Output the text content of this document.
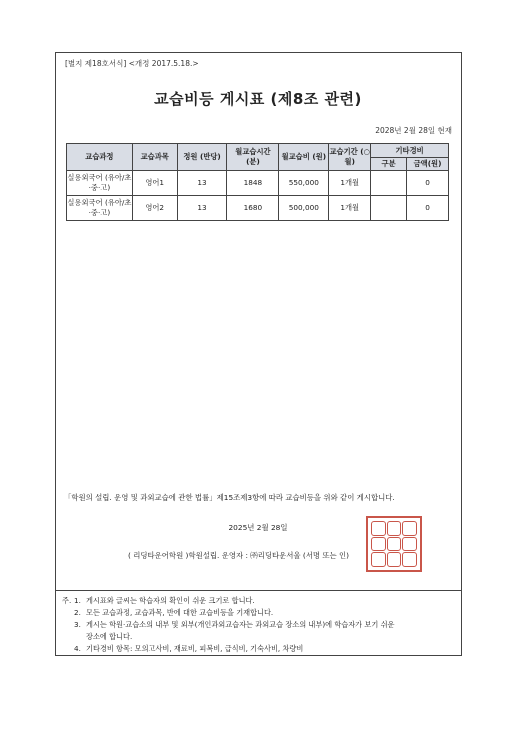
[별지 제18호서식] <개정 2017.5.18.>
교습비등 게시표 (제8조 관련)
2028년 2월 28일 현재
교습과정	교습과목	정원 (반당)	월교습시간 (분)	월교습비 (원)	교습기간 (○월)	기타경비	
						구분	금액(원)
실용외국어 (유아/초·중·고)	영어1	13	1848	550,000	1개월		0
실용외국어 (유아/초·중·고)	영어2	13	1680	500,000	1개월		0
「학원의 설립. 운영 및 과외교습에 관한 법률」제15조제3항에 따라 교습비등을 위와 같이 게시합니다.
2025년 2월 28일
( 리딩타운어학원 )학원설립. 운영자 : ㈜리딩타운서울 (서명 또는 인)
주. 1. 게시표와 글씨는 학습자의 확인이 쉬운 크기로 합니다.
2. 모든 교습과정, 교습과목, 반에 대한 교습비등을 기재합니다.
3. 게시는 학원·교습소의 내부 및 외부(개인과외교습자는 과외교습 장소의 내부)에 학습자가 보기 쉬운
장소에 합니다.
4. 기타경비 항목: 모의고사비, 재료비, 피복비, 급식비, 기숙사비, 차량비
